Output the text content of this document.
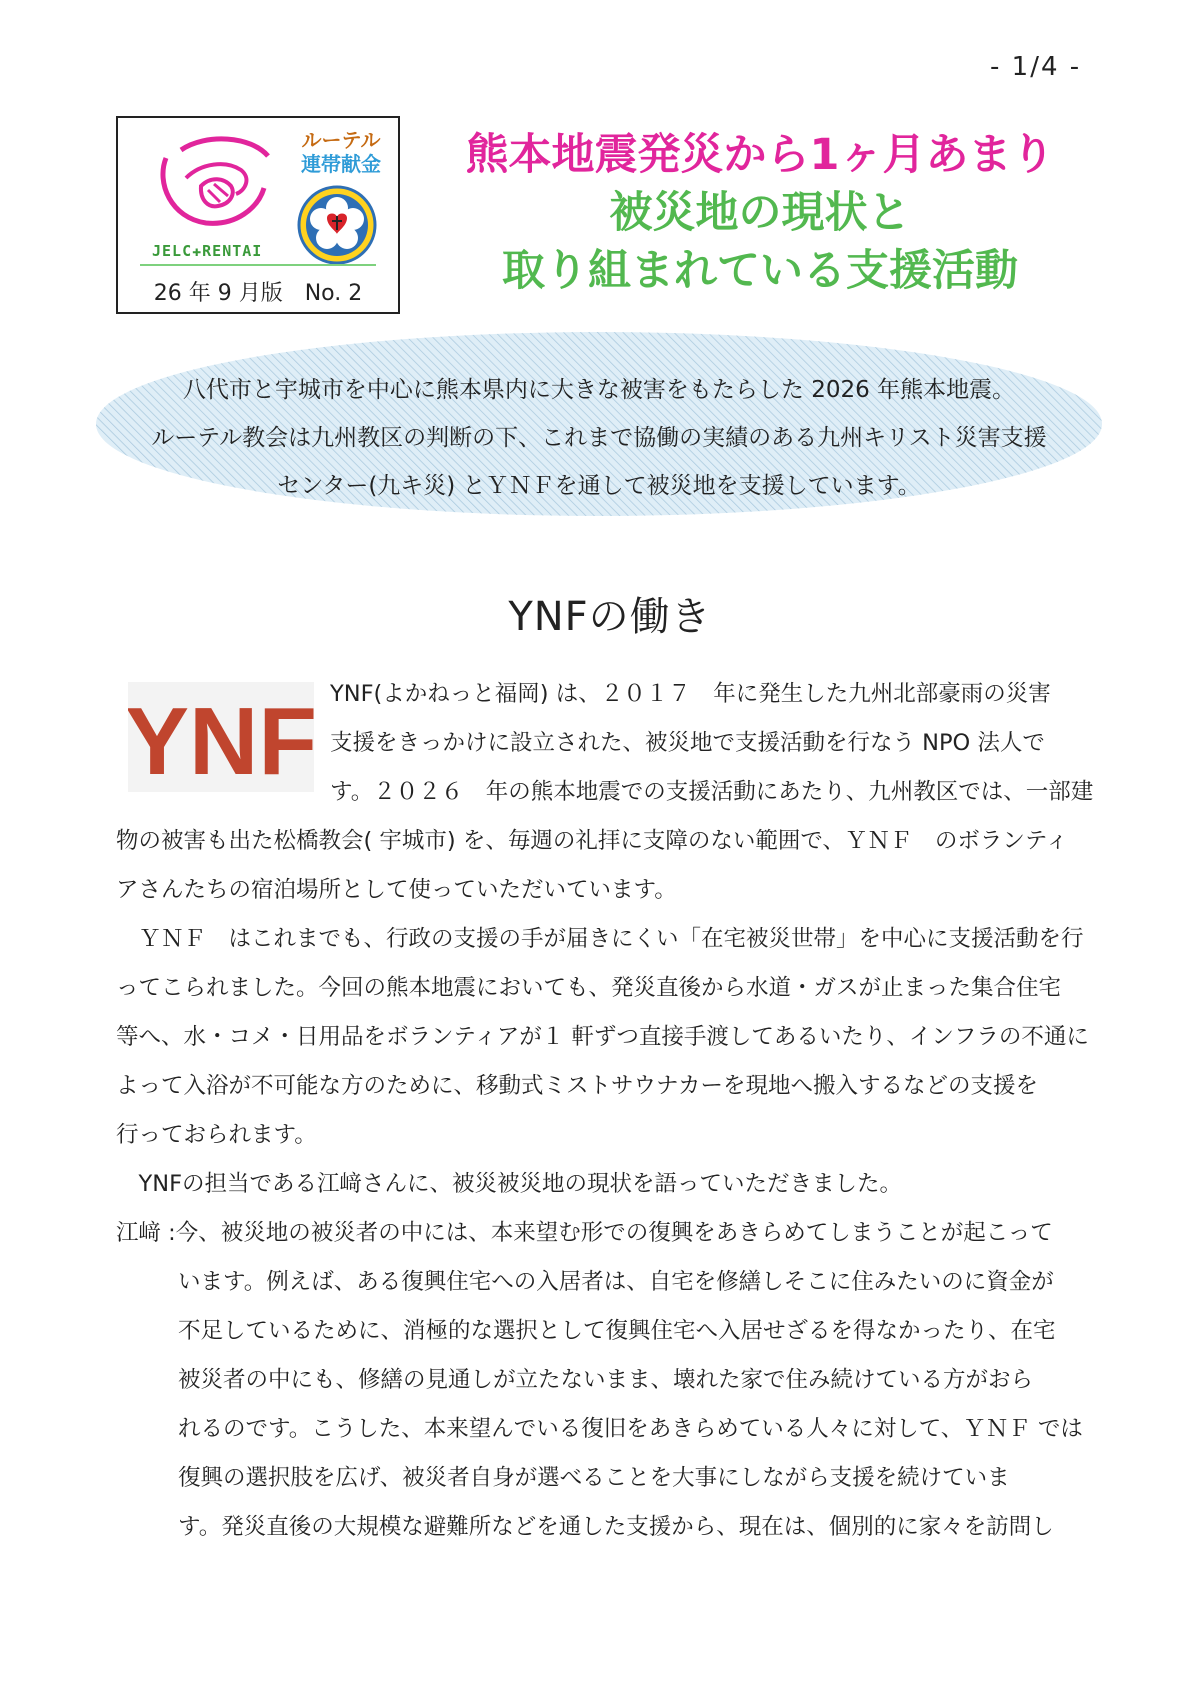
- 1/4 -
ルーテル
連帯献金
JELC✚RENTAI
26 年 9 月版　No. 2
熊本地震発災から1ヶ月あまり
被災地の現状と
取り組まれている支援活動
八代市と宇城市を中心に熊本県内に大きな被害をもたらした 2026 年熊本地震。
ルーテル教会は九州教区の判断の下、これまで協働の実績のある九州キリスト災害支援
センター(九キ災) とＹＮＦを通して被災地を支援しています。
YNFの働き
YNF YNF(よかねっと福岡) は、２０１７　年に発生した九州北部豪雨の災害
支援をきっかけに設立された、被災地で支援活動を行なう NPO 法人で
す。２０２６　年の熊本地震での支援活動にあたり、九州教区では、一部建
物の被害も出た松橋教会( 宇城市) を、毎週の礼拝に支障のない範囲で、ＹＮＦ　のボランティ
アさんたちの宿泊場所として使っていただいています。
　ＹＮＦ　はこれまでも、行政の支援の手が届きにくい「在宅被災世帯」を中心に支援活動を行
ってこられました。今回の熊本地震においても、発災直後から水道・ガスが止まった集合住宅
等へ、水・コメ・日用品をボランティアが１ 軒ずつ直接手渡してあるいたり、インフラの不通に
よって入浴が不可能な方のために、移動式ミストサウナカーを現地へ搬入するなどの支援を
行っておられます。
　YNFの担当である江﨑さんに、被災被災地の現状を語っていただきました。
江﨑 :今、被災地の被災者の中には、本来望む形での復興をあきらめてしまうことが起こって
います。例えば、ある復興住宅への入居者は、自宅を修繕しそこに住みたいのに資金が
不足しているために、消極的な選択として復興住宅へ入居せざるを得なかったり、在宅
被災者の中にも、修繕の見通しが立たないまま、壊れた家で住み続けている方がおら
れるのです。こうした、本来望んでいる復旧をあきらめている人々に対して、ＹＮＦ では
復興の選択肢を広げ、被災者自身が選べることを大事にしながら支援を続けていま
す。発災直後の大規模な避難所などを通した支援から、現在は、個別的に家々を訪問し
